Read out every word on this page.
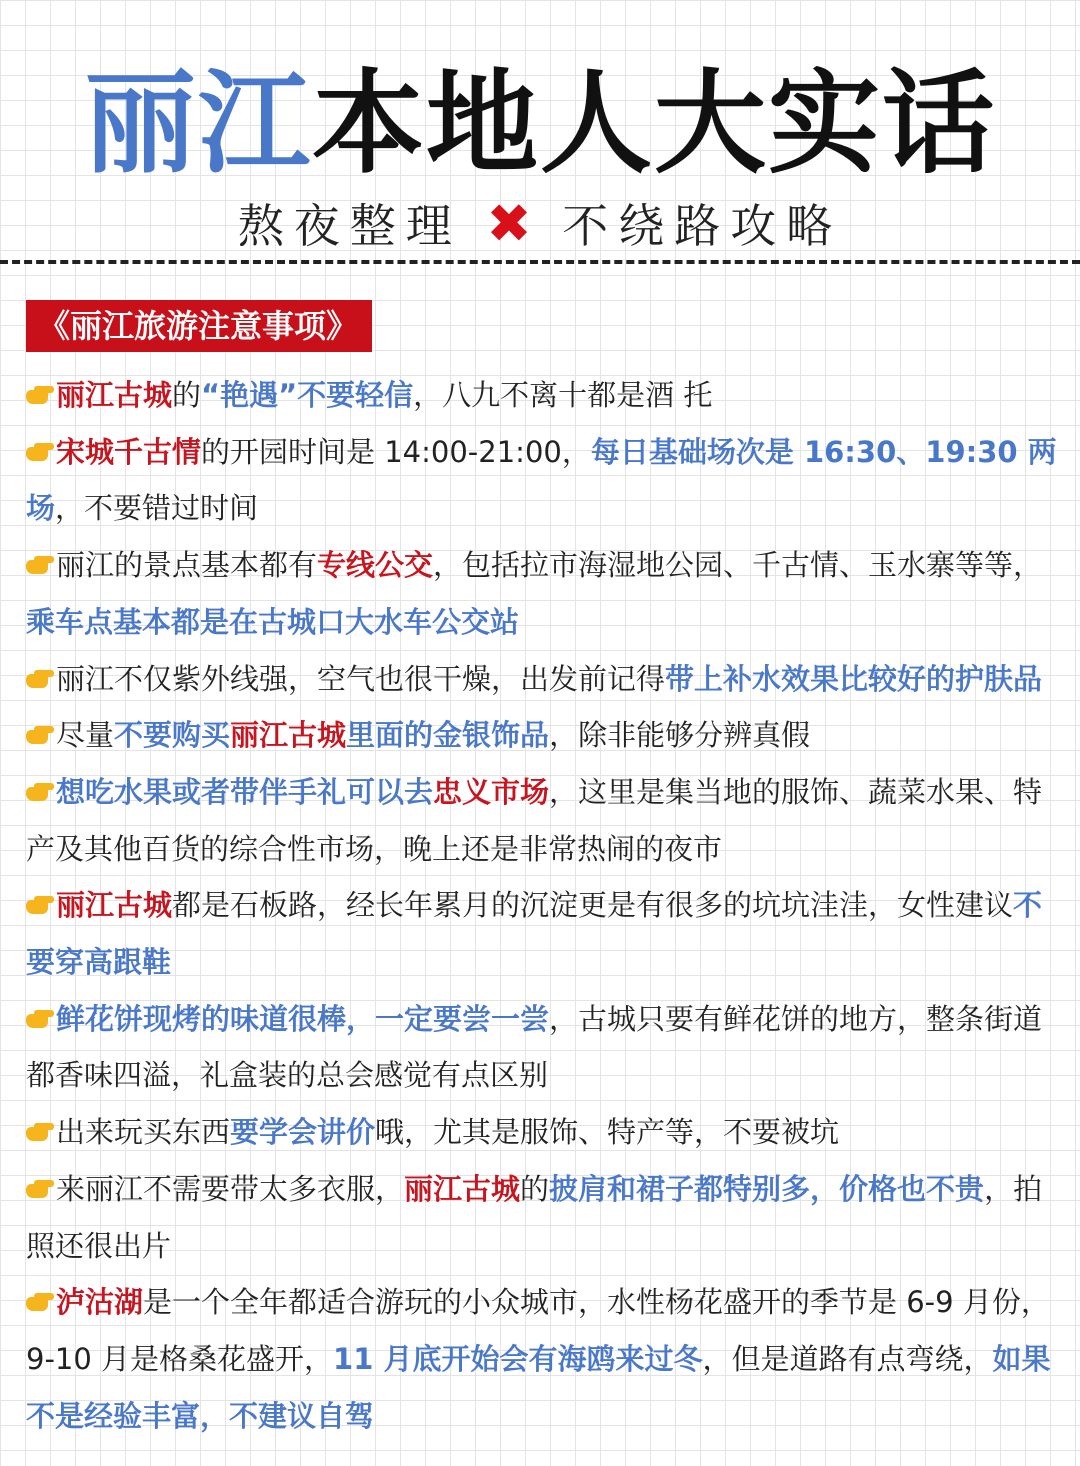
丽江本地人大实话
熬夜整理 ✖ 不绕路攻略
《丽江旅游注意事项》

丽江古城的“艳遇”不要轻信，八九不离十都是酒 托

宋城千古情的开园时间是 14:00-21:00，每日基础场次是 16:30、19:30 两场，不要错过时间

丽江的景点基本都有专线公交，包括拉市海湿地公园、千古情、玉水寨等等，乘车点基本都是在古城口大水车公交站

丽江不仅紫外线强，空气也很干燥，出发前记得带上补水效果比较好的护肤品

尽量不要购买丽江古城里面的金银饰品，除非能够分辨真假

想吃水果或者带伴手礼可以去忠义市场，这里是集当地的服饰、蔬菜水果、特产及其他百货的综合性市场，晚上还是非常热闹的夜市

丽江古城都是石板路，经长年累月的沉淀更是有很多的坑坑洼洼，女性建议不要穿高跟鞋

鲜花饼现烤的味道很棒，一定要尝一尝，古城只要有鲜花饼的地方，整条街道都香味四溢，礼盒装的总会感觉有点区别

出来玩买东西要学会讲价哦，尤其是服饰、特产等，不要被坑

来丽江不需要带太多衣服，丽江古城的披肩和裙子都特别多，价格也不贵，拍照还很出片

泸沽湖是一个全年都适合游玩的小众城市，水性杨花盛开的季节是 6-9 月份，9-10 月是格桑花盛开，11 月底开始会有海鸥来过冬，但是道路有点弯绕，如果不是经验丰富，不建议自驾
